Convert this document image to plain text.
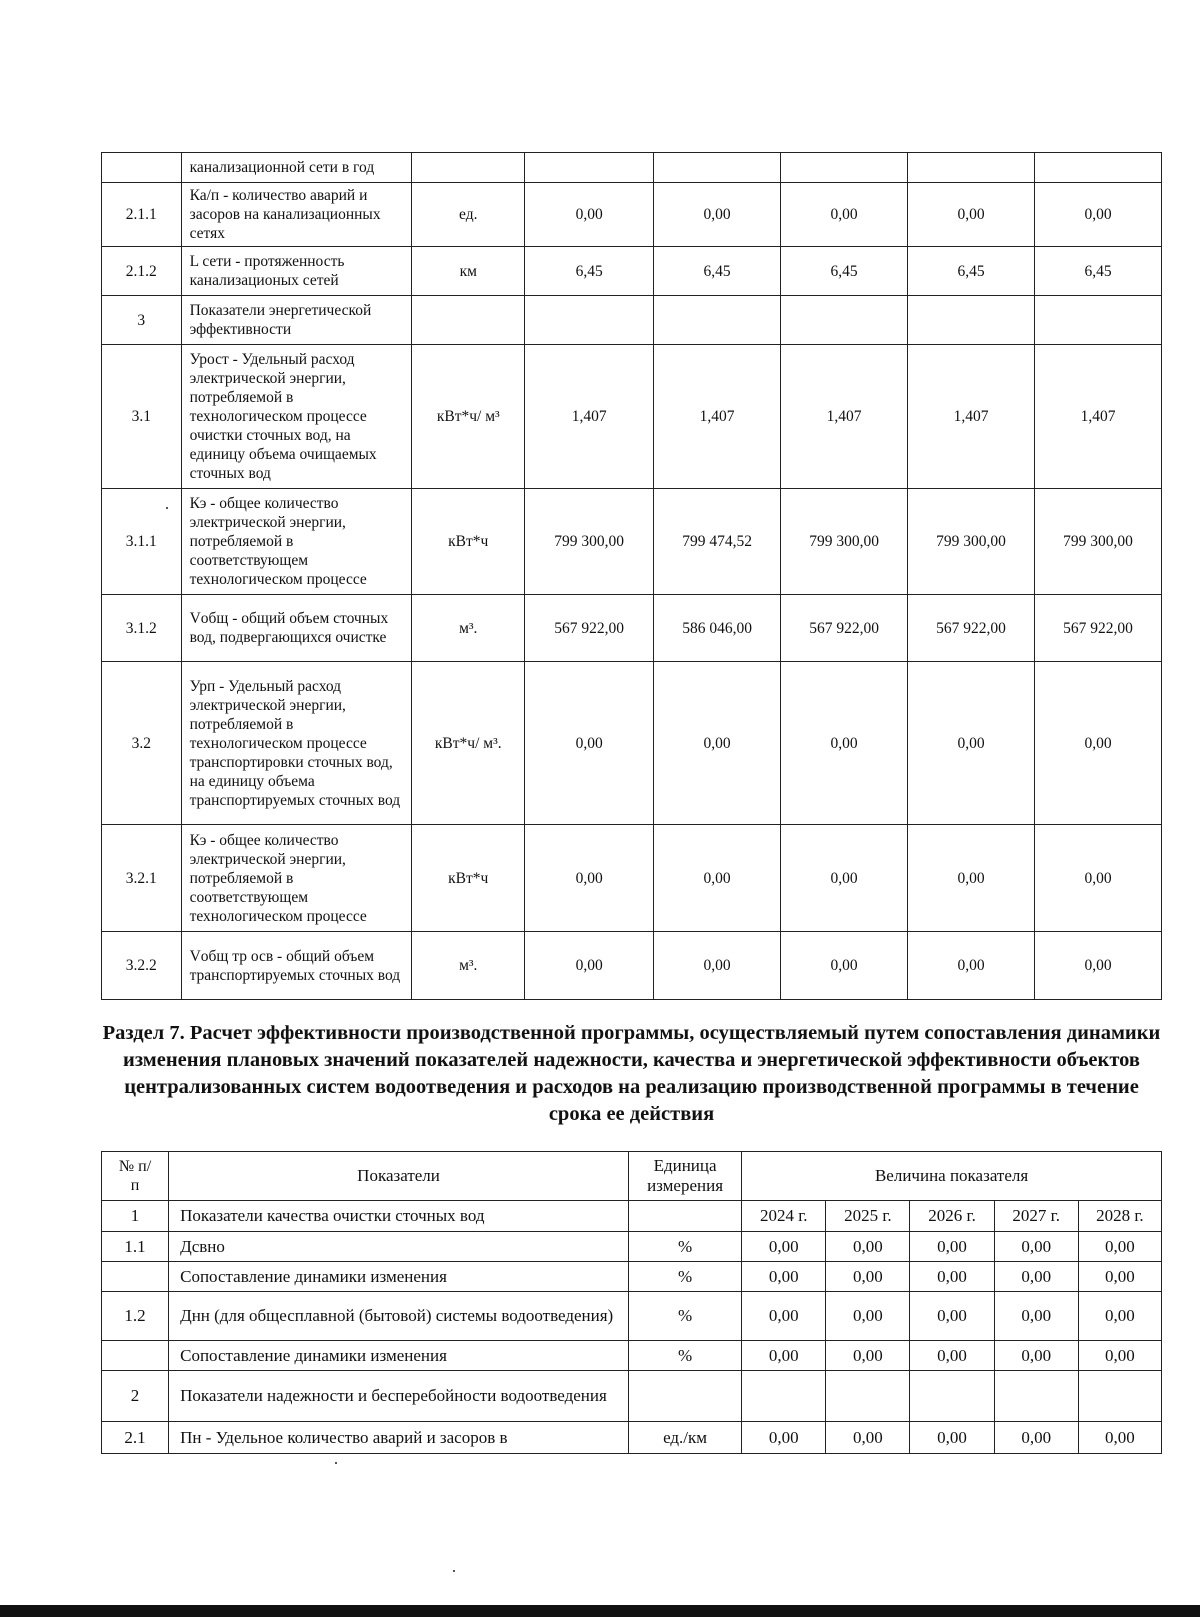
	канализационной сети в год						
2.1.1	Ка/п - количество аварий и засоров на канализационных сетях	ед.	0,00	0,00	0,00	0,00	0,00
2.1.2	L сети - протяженность канализационых сетей	км	6,45	6,45	6,45	6,45	6,45
3	Показатели энергетической эффективности						
3.1	Урост - Удельный расход электрической энергии, потребляемой в технологическом процессе очистки сточных вод, на единицу объема очищаемых сточных вод	кВт*ч/ м³	1,407	1,407	1,407	1,407	1,407
3.1.1	Кэ - общее количество электрической энергии, потребляемой в соответствующем технологическом процессе	кВт*ч	799 300,00	799 474,52	799 300,00	799 300,00	799 300,00
3.1.2	Vобщ - общий объем сточных вод, подвергающихся очистке	м³.	567 922,00	586 046,00	567 922,00	567 922,00	567 922,00
3.2	Урп - Удельный расход электрической энергии, потребляемой в технологическом процессе транспортировки сточных вод, на единицу объема транспортируемых сточных вод	кВт*ч/ м³.	0,00	0,00	0,00	0,00	0,00
3.2.1	Кэ - общее количество электрической энергии, потребляемой в соответствующем технологическом процессе	кВт*ч	0,00	0,00	0,00	0,00	0,00
3.2.2	Vобщ тр осв - общий объем транспортируемых сточных вод	м³.	0,00	0,00	0,00	0,00	0,00
Раздел 7. Расчет эффективности производственной программы, осуществляемый путем сопоставления динамики изменения плановых значений показателей надежности, качества и энергетической эффективности объектов централизованных систем водоотведения и расходов на реализацию производственной программы в течение срока ее действия
№ п/п	Показатели	Единица измерения	Величина показателя				
1	Показатели качества очистки сточных вод		2024 г.	2025 г.	2026 г.	2027 г.	2028 г.
1.1	Дсвно	%	0,00	0,00	0,00	0,00	0,00
	Сопоставление динамики изменения	%	0,00	0,00	0,00	0,00	0,00
1.2	Днн (для общесплавной (бытовой) системы водоотведения)	%	0,00	0,00	0,00	0,00	0,00
	Сопоставление динамики изменения	%	0,00	0,00	0,00	0,00	0,00
2	Показатели надежности и бесперебойности водоотведения						
2.1	Пн - Удельное количество аварий и засоров в	ед./км	0,00	0,00	0,00	0,00	0,00
